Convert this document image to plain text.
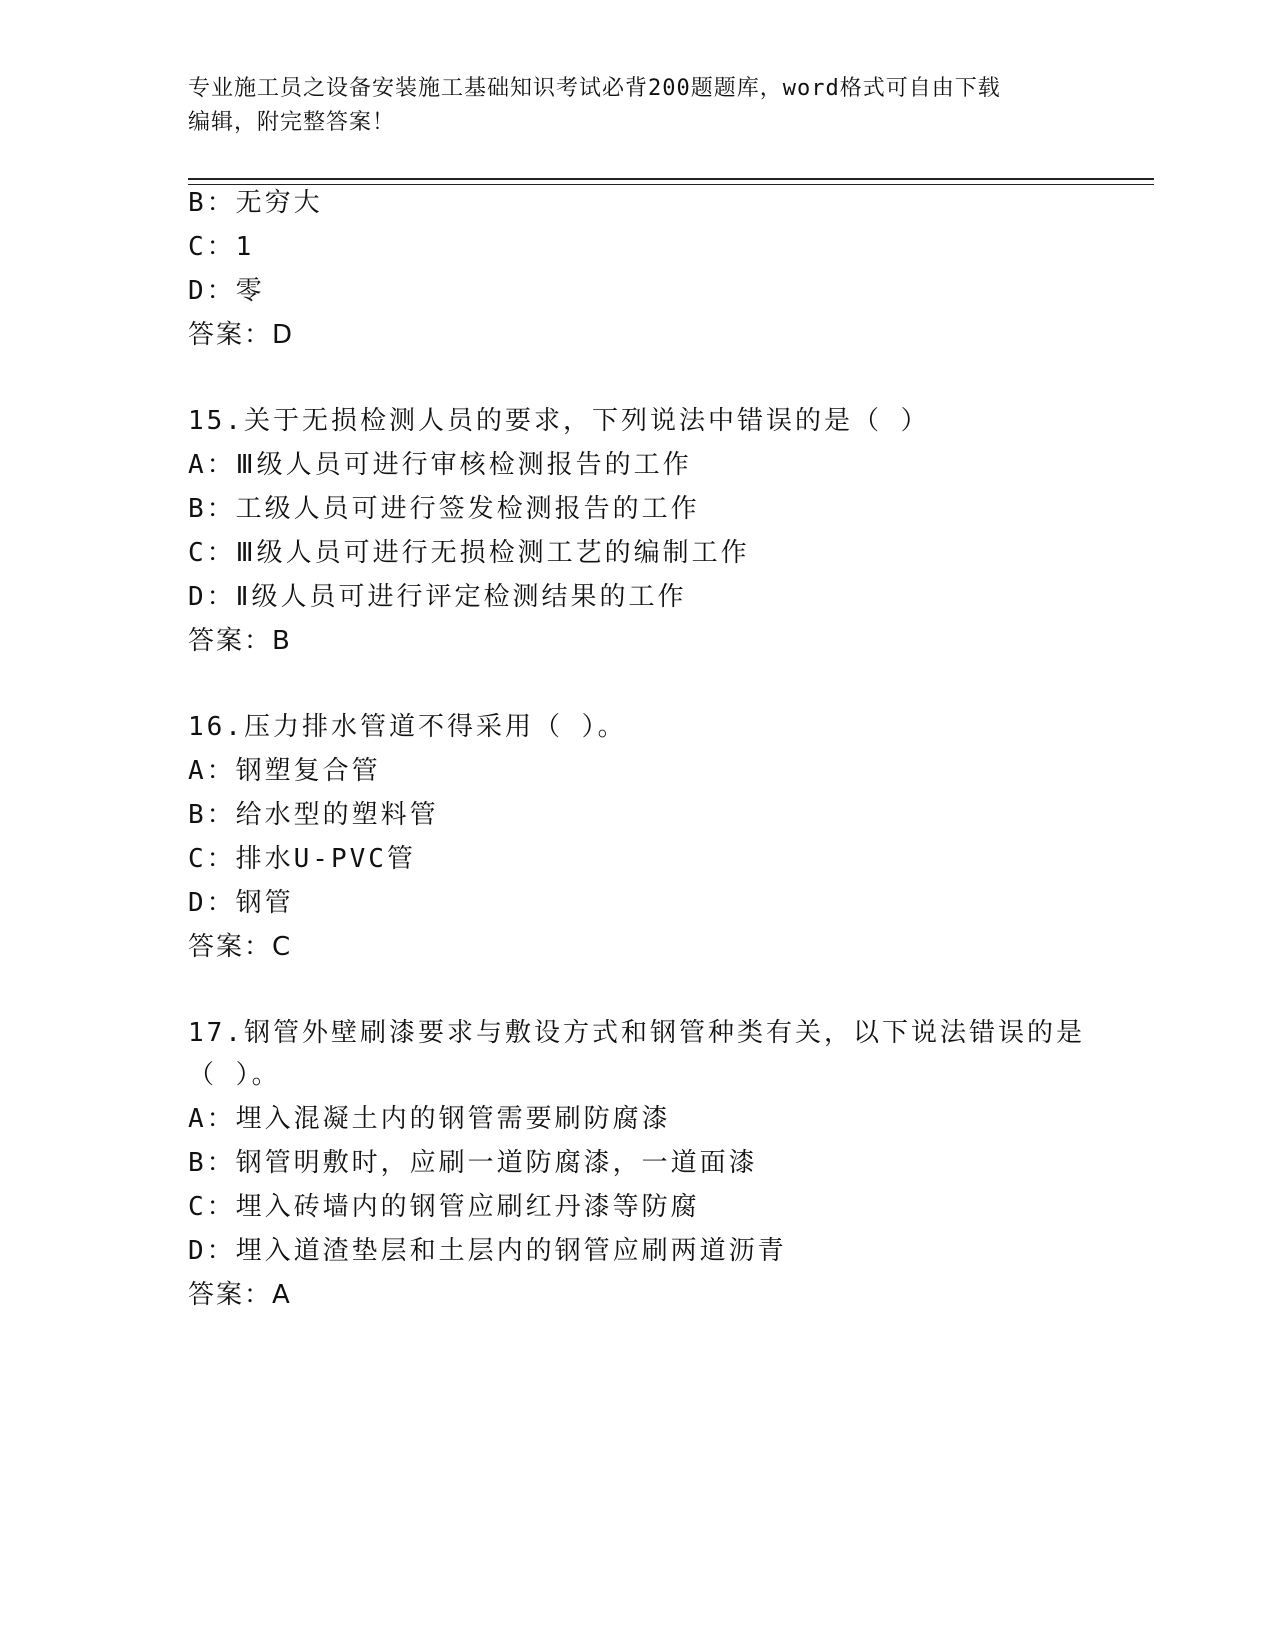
专业施工员之设备安装施工基础知识考试必背200题题库，word格式可自由下载
编辑，附完整答案！
B：无穷大
C：1
D：零
答案：D
15.关于无损检测人员的要求，下列说法中错误的是（ ）
A：Ⅲ级人员可进行审核检测报告的工作
B：工级人员可进行签发检测报告的工作
C：Ⅲ级人员可进行无损检测工艺的编制工作
D：Ⅱ级人员可进行评定检测结果的工作
答案：B
16.压力排水管道不得采用（ ）。
A：钢塑复合管
B：给水型的塑料管
C：排水U-PVC管
D：钢管
答案：C
17.钢管外壁刷漆要求与敷设方式和钢管种类有关，以下说法错误的是
（ ）。
A：埋入混凝土内的钢管需要刷防腐漆
B：钢管明敷时，应刷一道防腐漆，一道面漆
C：埋入砖墙内的钢管应刷红丹漆等防腐
D：埋入道渣垫层和土层内的钢管应刷两道沥青
答案：A
